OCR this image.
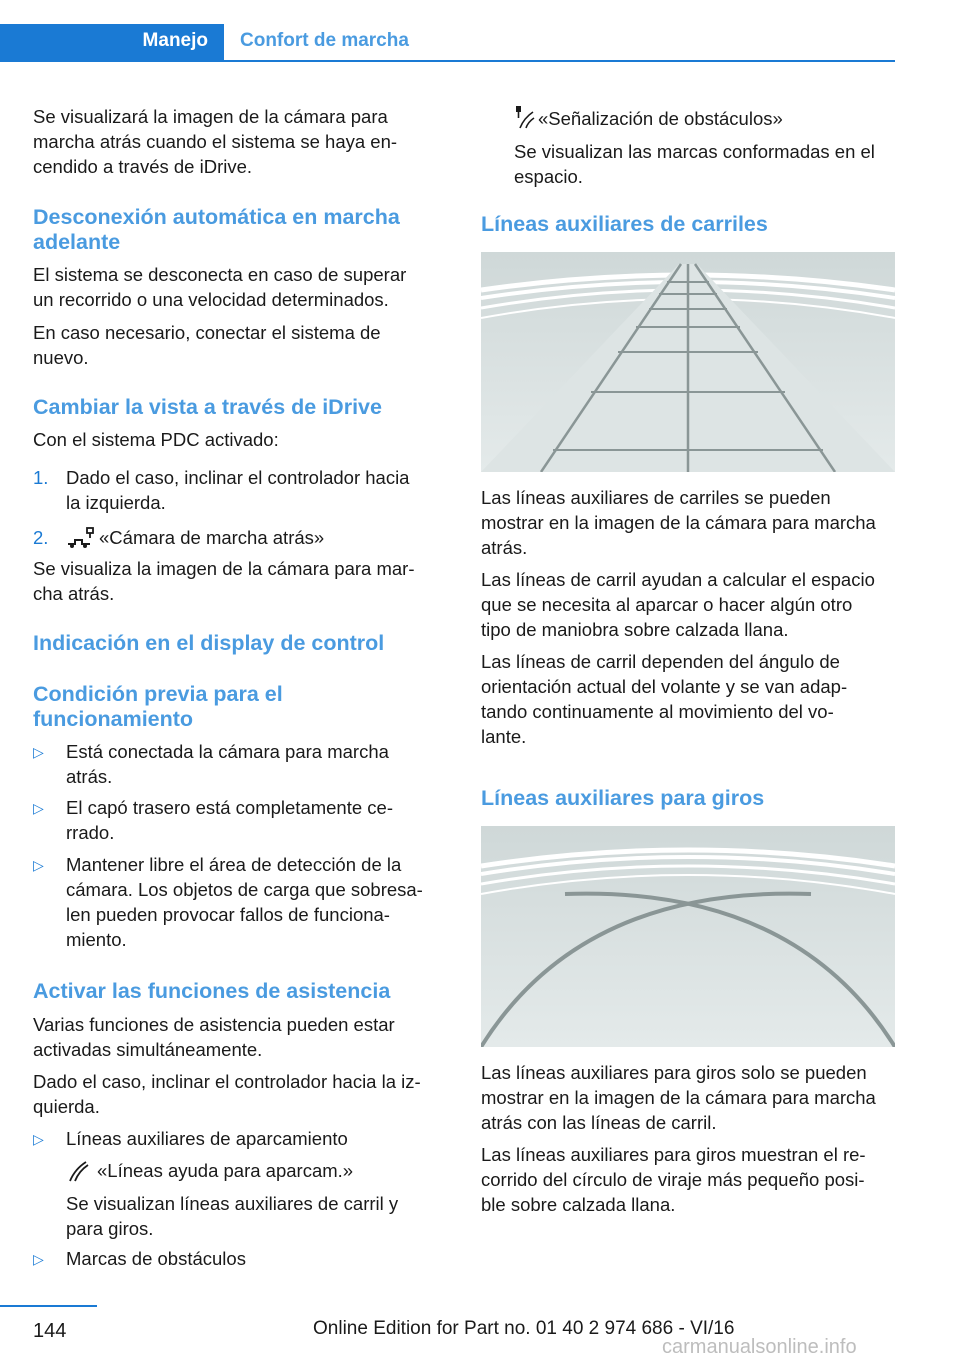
Manejo Confort de marcha
Se visualizará la imagen de la cámara para
marcha atrás cuando el sistema se haya en‐
cendido a través de iDrive.
Desconexión automática en marcha
adelante
El sistema se desconecta en caso de superar
un recorrido o una velocidad determinados.
En caso necesario, conectar el sistema de
nuevo.
Cambiar la vista a través de iDrive
Con el sistema PDC activado:
1. Dado el caso, inclinar el controlador hacia
la izquierda.
2.	«Cámara de marcha atrás»
Se visualiza la imagen de la cámara para mar‐
cha atrás.
Indicación en el display de control
Condición previa para el
funcionamiento
▷ Está conectada la cámara para marcha
atrás.
▷ El capó trasero está completamente ce‐
rrado.
▷ Mantener libre el área de detección de la
cámara. Los objetos de carga que sobresa‐
len pueden provocar fallos de funciona‐
miento.
Activar las funciones de asistencia
Varias funciones de asistencia pueden estar
activadas simultáneamente.
Dado el caso, inclinar el controlador hacia la iz‐
quierda.
▷ Líneas auxiliares de aparcamiento
«Líneas ayuda para aparcam.»
Se visualizan líneas auxiliares de carril y
para giros.
▷ Marcas de obstáculos
«Señalización de obstáculos»
Se visualizan las marcas conformadas en el
espacio.
Líneas auxiliares de carriles
Las líneas auxiliares de carriles se pueden
mostrar en la imagen de la cámara para marcha
atrás.
Las líneas de carril ayudan a calcular el espacio
que se necesita al aparcar o hacer algún otro
tipo de maniobra sobre calzada llana.
Las líneas de carril dependen del ángulo de
orientación actual del volante y se van adap‐
tando continuamente al movimiento del vo‐
lante.
Líneas auxiliares para giros
Las líneas auxiliares para giros solo se pueden
mostrar en la imagen de la cámara para marcha
atrás con las líneas de carril.
Las líneas auxiliares para giros muestran el re‐
corrido del círculo de viraje más pequeño posi‐
ble sobre calzada llana.
144	Online Edition for Part no. 01 40 2 974 686 - VI/16
carmanualsonline.info
